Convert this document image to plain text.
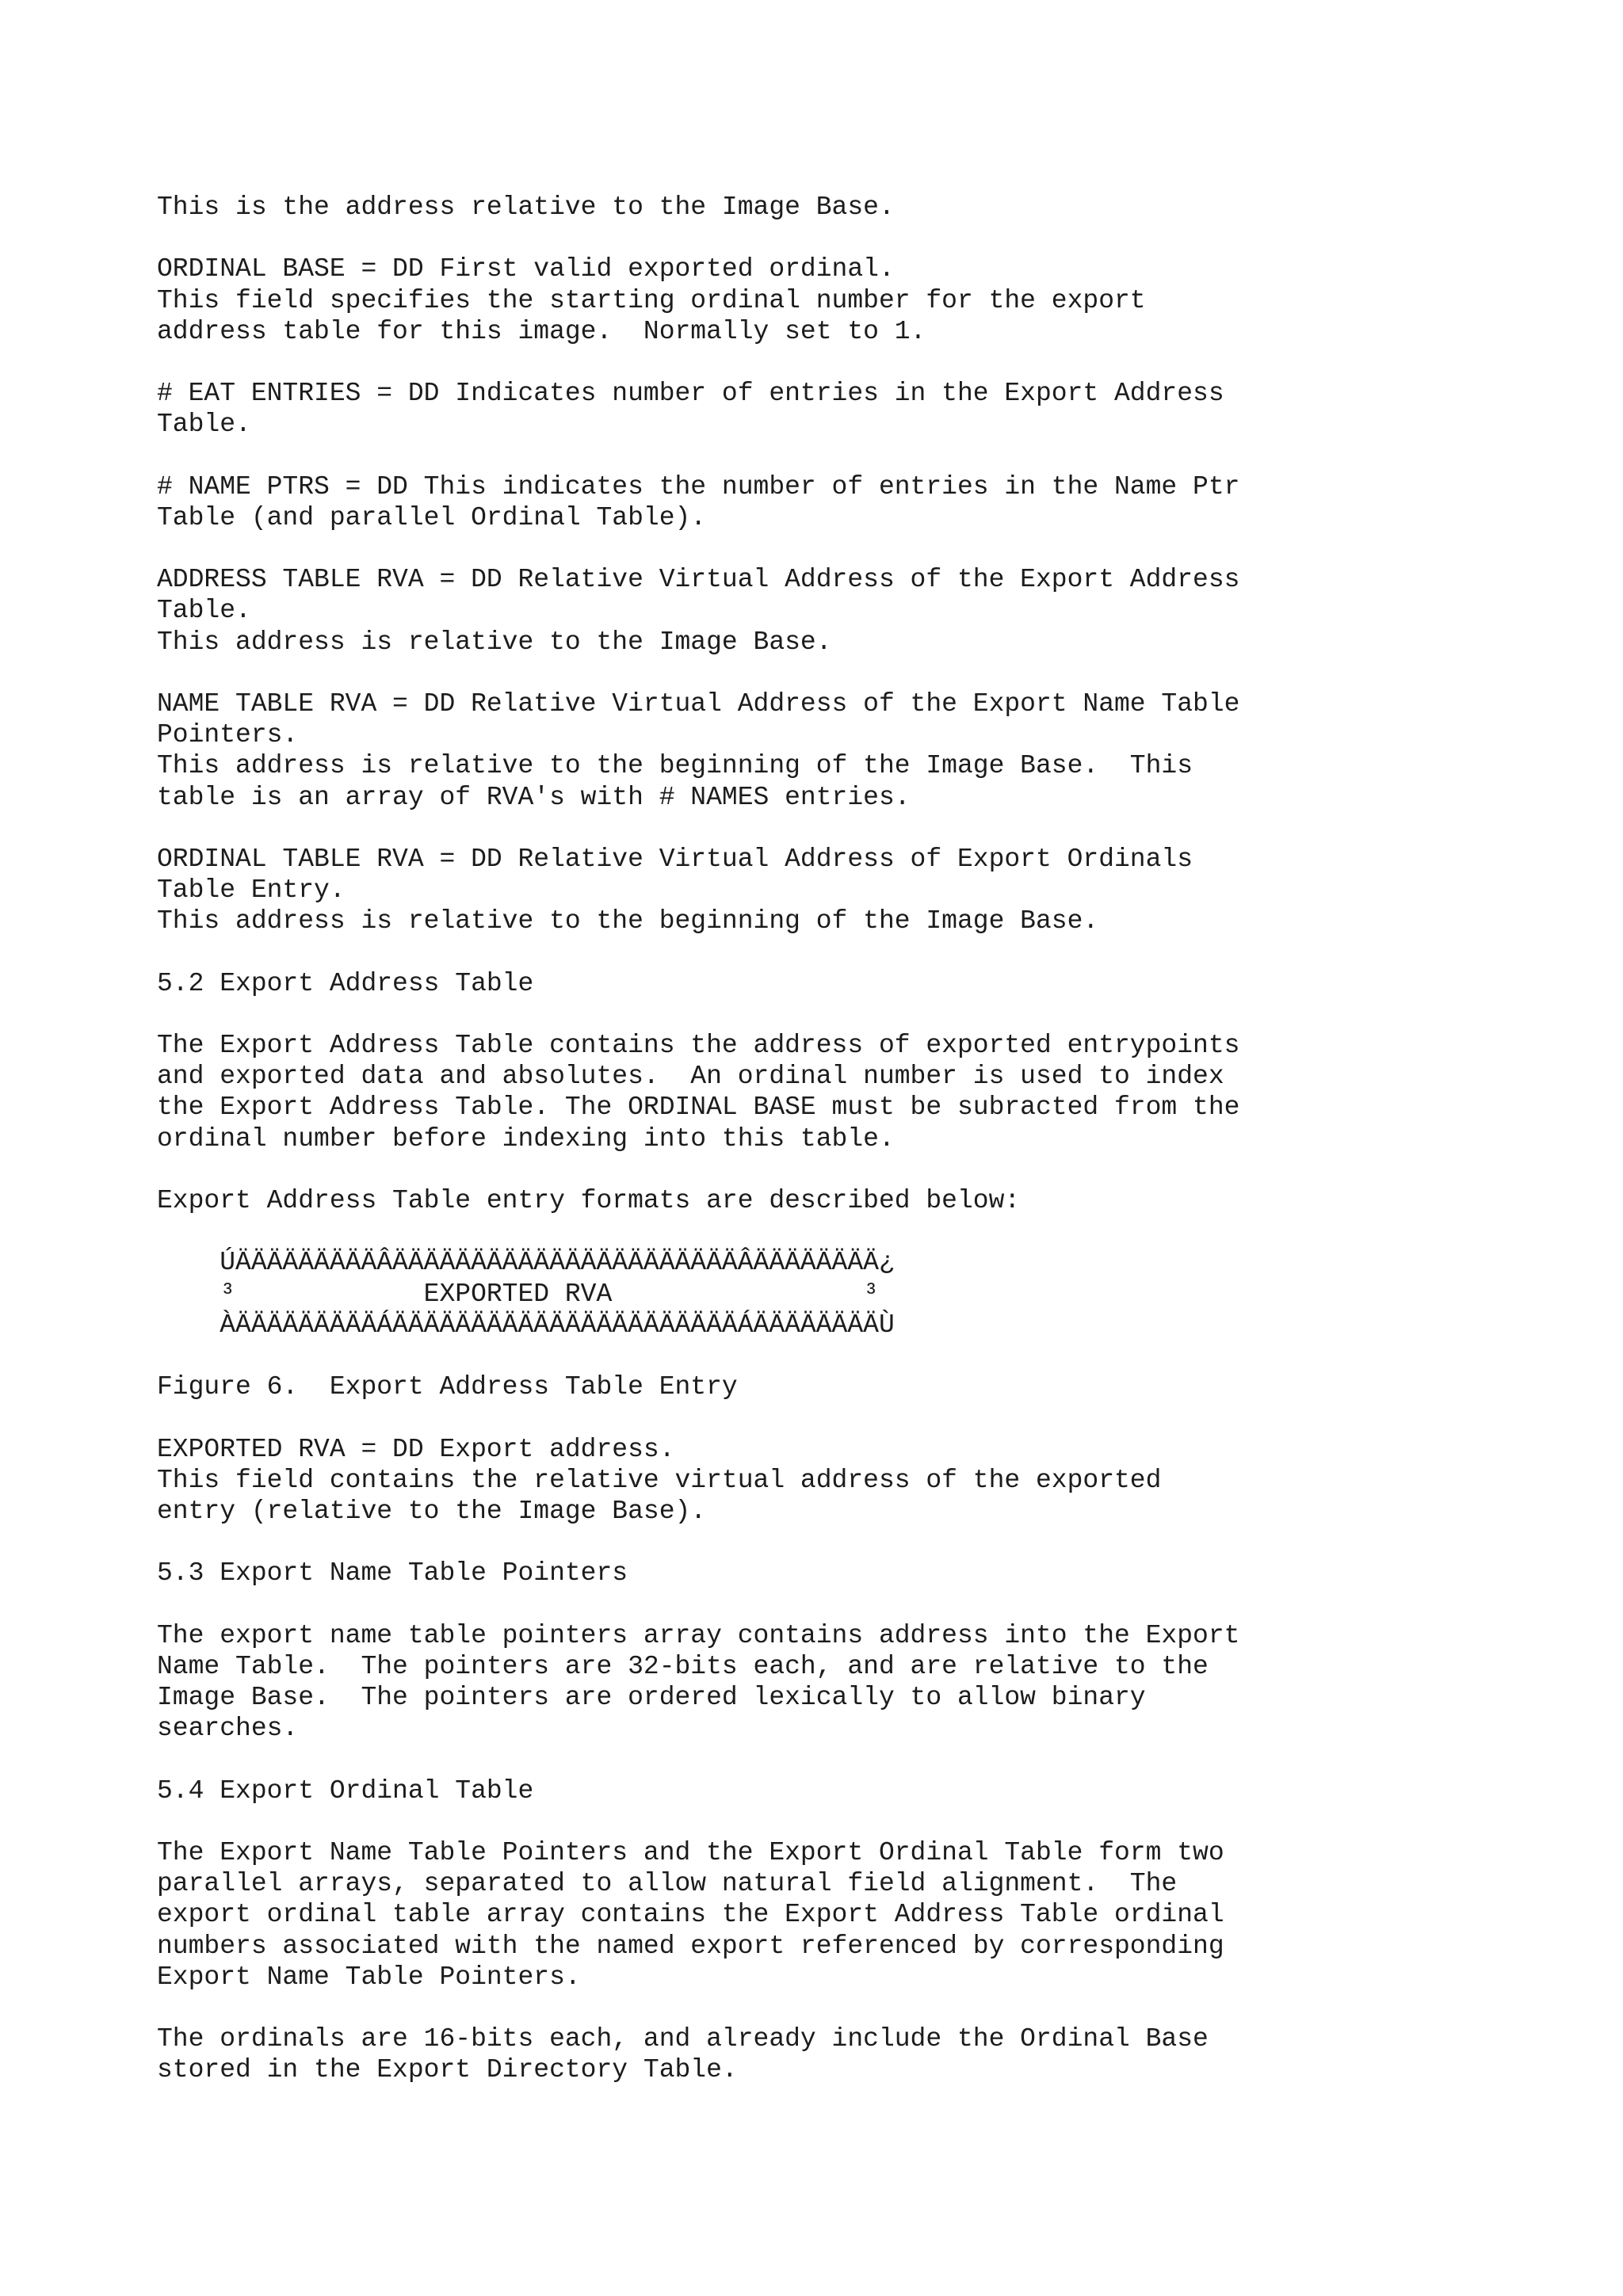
This is the address relative to the Image Base.
ORDINAL BASE = DD First valid exported ordinal.
This field specifies the starting ordinal number for the export
address table for this image.  Normally set to 1.
# EAT ENTRIES = DD Indicates number of entries in the Export Address
Table.
# NAME PTRS = DD This indicates the number of entries in the Name Ptr
Table (and parallel Ordinal Table).
ADDRESS TABLE RVA = DD Relative Virtual Address of the Export Address
Table.
This address is relative to the Image Base.
NAME TABLE RVA = DD Relative Virtual Address of the Export Name Table
Pointers.
This address is relative to the beginning of the Image Base.  This
table is an array of RVA's with # NAMES entries.
ORDINAL TABLE RVA = DD Relative Virtual Address of Export Ordinals
Table Entry.
This address is relative to the beginning of the Image Base.
5.2 Export Address Table
The Export Address Table contains the address of exported entrypoints
and exported data and absolutes.  An ordinal number is used to index
the Export Address Table. The ORDINAL BASE must be subracted from the
ordinal number before indexing into this table.
Export Address Table entry formats are described below:
ÚÄÄÄÄÄÄÄÄÄÂÄÄÄÄÄÄÄÄÄÄÄÄÄÄÄÄÄÄÄÄÄÄÂÄÄÄÄÄÄÄÄ¿
³            EXPORTED RVA                ³
ÀÄÄÄÄÄÄÄÄÄÁÄÄÄÄÄÄÄÄÄÄÄÄÄÄÄÄÄÄÄÄÄÄÁÄÄÄÄÄÄÄÄÙ
Figure 6.  Export Address Table Entry
EXPORTED RVA = DD Export address.
This field contains the relative virtual address of the exported
entry (relative to the Image Base).
5.3 Export Name Table Pointers
The export name table pointers array contains address into the Export
Name Table.  The pointers are 32-bits each, and are relative to the
Image Base.  The pointers are ordered lexically to allow binary
searches.
5.4 Export Ordinal Table
The Export Name Table Pointers and the Export Ordinal Table form two
parallel arrays, separated to allow natural field alignment.  The
export ordinal table array contains the Export Address Table ordinal
numbers associated with the named export referenced by corresponding
Export Name Table Pointers.
The ordinals are 16-bits each, and already include the Ordinal Base
stored in the Export Directory Table.
